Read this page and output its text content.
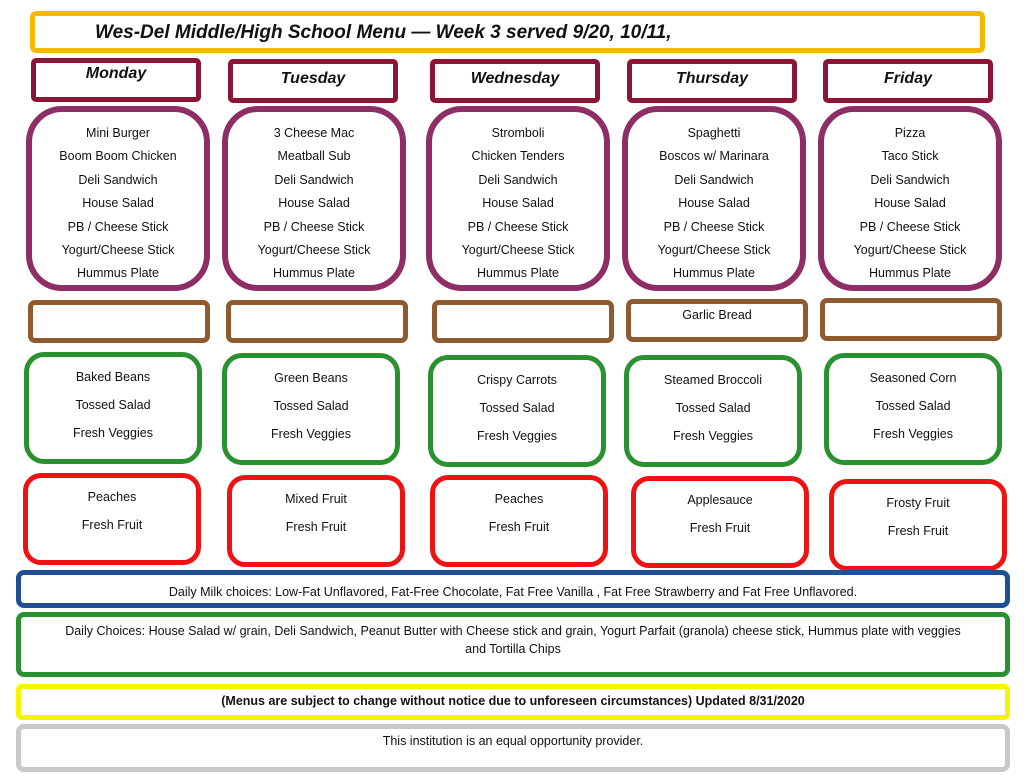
Wes-Del Middle/High School Menu — Week 3 served 9/20, 10/11,
Monday	Tuesday	Wednesday	Thursday	Friday
Mini Burger
Boom Boom Chicken
Deli Sandwich
House Salad
PB / Cheese Stick
Yogurt/Cheese Stick
Hummus Plate
3 Cheese Mac
Meatball Sub
Deli Sandwich
House Salad
PB / Cheese Stick
Yogurt/Cheese Stick
Hummus Plate
Stromboli
Chicken Tenders
Deli Sandwich
House Salad
PB / Cheese Stick
Yogurt/Cheese Stick
Hummus Plate
Spaghetti
Boscos w/ Marinara
Deli Sandwich
House Salad
PB / Cheese Stick
Yogurt/Cheese Stick
Hummus Plate
Pizza
Taco Stick
Deli Sandwich
House Salad
PB / Cheese Stick
Yogurt/Cheese Stick
Hummus Plate
Garlic Bread
Baked Beans
Tossed Salad
Fresh Veggies
Green Beans
Tossed Salad
Fresh Veggies
Crispy Carrots
Tossed Salad
Fresh Veggies
Steamed Broccoli
Tossed Salad
Fresh Veggies
Seasoned Corn
Tossed Salad
Fresh Veggies
Peaches
Fresh Fruit
Mixed Fruit
Fresh Fruit
Peaches
Fresh Fruit
Applesauce
Fresh Fruit
Frosty Fruit
Fresh Fruit
Daily Milk choices: Low-Fat Unflavored, Fat-Free Chocolate, Fat Free Vanilla , Fat Free Strawberry and Fat Free Unflavored.
Daily Choices: House Salad w/ grain, Deli Sandwich, Peanut Butter with Cheese stick and grain, Yogurt Parfait (granola) cheese stick, Hummus plate with veggies and Tortilla Chips
(Menus are subject to change without notice due to unforeseen circumstances) Updated 8/31/2020
This institution is an equal opportunity provider.
